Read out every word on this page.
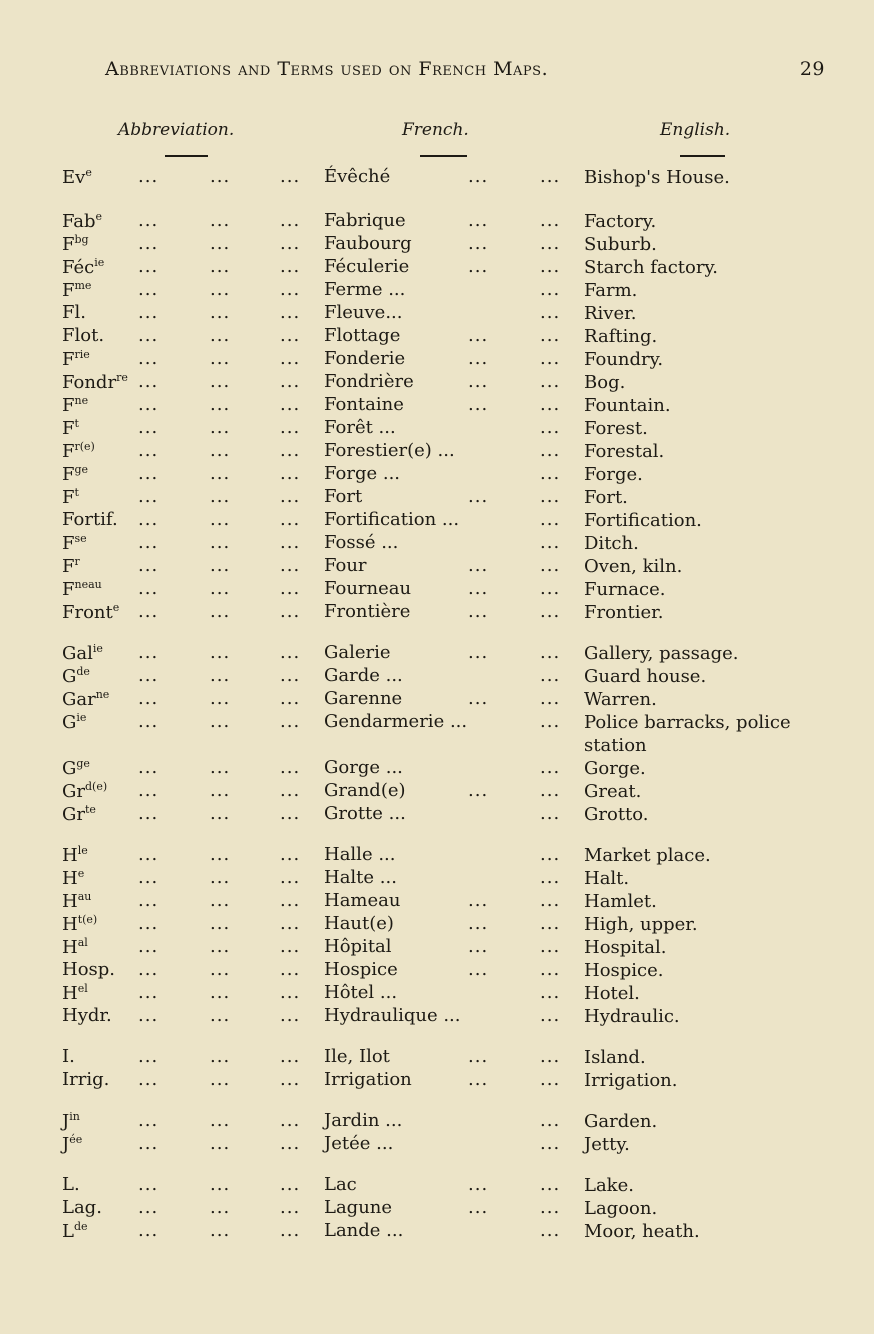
Abbreviations and Terms used on French Maps.	29
Abbreviation.	French.	English.
Ev$^e$	...	...	... Évêché	...	... Bishop's House.
Fab$^e$ ...	...	... Fabrique	...	... Factory.
$F^{bg}$	...	...	... Faubourg	...	... Suburb.
Féc$^{ie}$ ...	...	... Féculerie	...	... Starch factory.
$F^{me}$	...	...	... Ferme ...	... Farm.
Fl.	...	...	... Fleuve...	... River.
Flot. ...	...	... Flottage	...	... Rafting.
$F^{rie}$	...	...	... Fonderie	...	... Foundry.
Fondr$^{re}$ ...	...	... Fondrière	...	... Bog.
$F^{ne}$	...	...	... Fontaine	...	... Fountain.
$F^t$	...	...	... Forêt ...	... Forest.
$F^{r(e)}$ ...	...	... Forestier(e) ...	... Forestal.
$F^{ge}$	...	...	... Forge ...	... Forge.
$F^t$	...	...	... Fort	...	... Fort.
Fortif. ...	...	... Fortification ...	... Fortification.
$F^{se}$	...	...	... Fossé ...	... Ditch.
$F^r$	...	...	... Four	...	... Oven, kiln.
$F^{neau}$ ...	...	... Fourneau	...	... Furnace.
Front$^e$ ...	...	... Frontière	...	... Frontier.
Gal$^{ie}$ ...	...	... Galerie	...	... Gallery, passage.
$G^{de}$	...	...	... Garde ...	... Guard house.
Gar$^{ne}$ ...	...	... Garenne	...	... Warren.
$G^{ie}$	...	...	... Gendarmerie ...	... Police barracks, police station
$G^{ge}$	...	...	... Gorge ...	... Gorge.
$Gr^{d(e)}$ ...	...	... Grand(e)	...	... Great.
$Gr^{te}$ ...	...	... Grotte ...	... Grotto.
$H^{le}$	...	...	... Halle ...	... Market place.
$H^e$	...	...	... Halte ...	... Halt.
$H^{au}$	...	...	... Hameau	...	... Hamlet.
$H^{t(e)}$ ...	...	... Haut(e)	...	... High, upper.
$H^{al}$	...	...	... Hôpital	...	... Hospital.
Hosp. ...	...	... Hospice	...	... Hospice.
$H^{el}$	...	...	... Hôtel ...	... Hotel.
Hydr. ...	...	... Hydraulique ...	... Hydraulic.
I.	...	...	... Ile, Ilot	...	... Island.
Irrig. ...	...	... Irrigation	...	... Irrigation.
$J^{in}$	...	...	... Jardin ...	... Garden.
$J^{ée}$	...	...	... Jetée ...	... Jetty.
L.	...	...	... Lac	...	... Lake.
Lag. ...	...	... Lagune	...	... Lagoon.
Lde	...	...	... Lande ...	... Moor, heath.
